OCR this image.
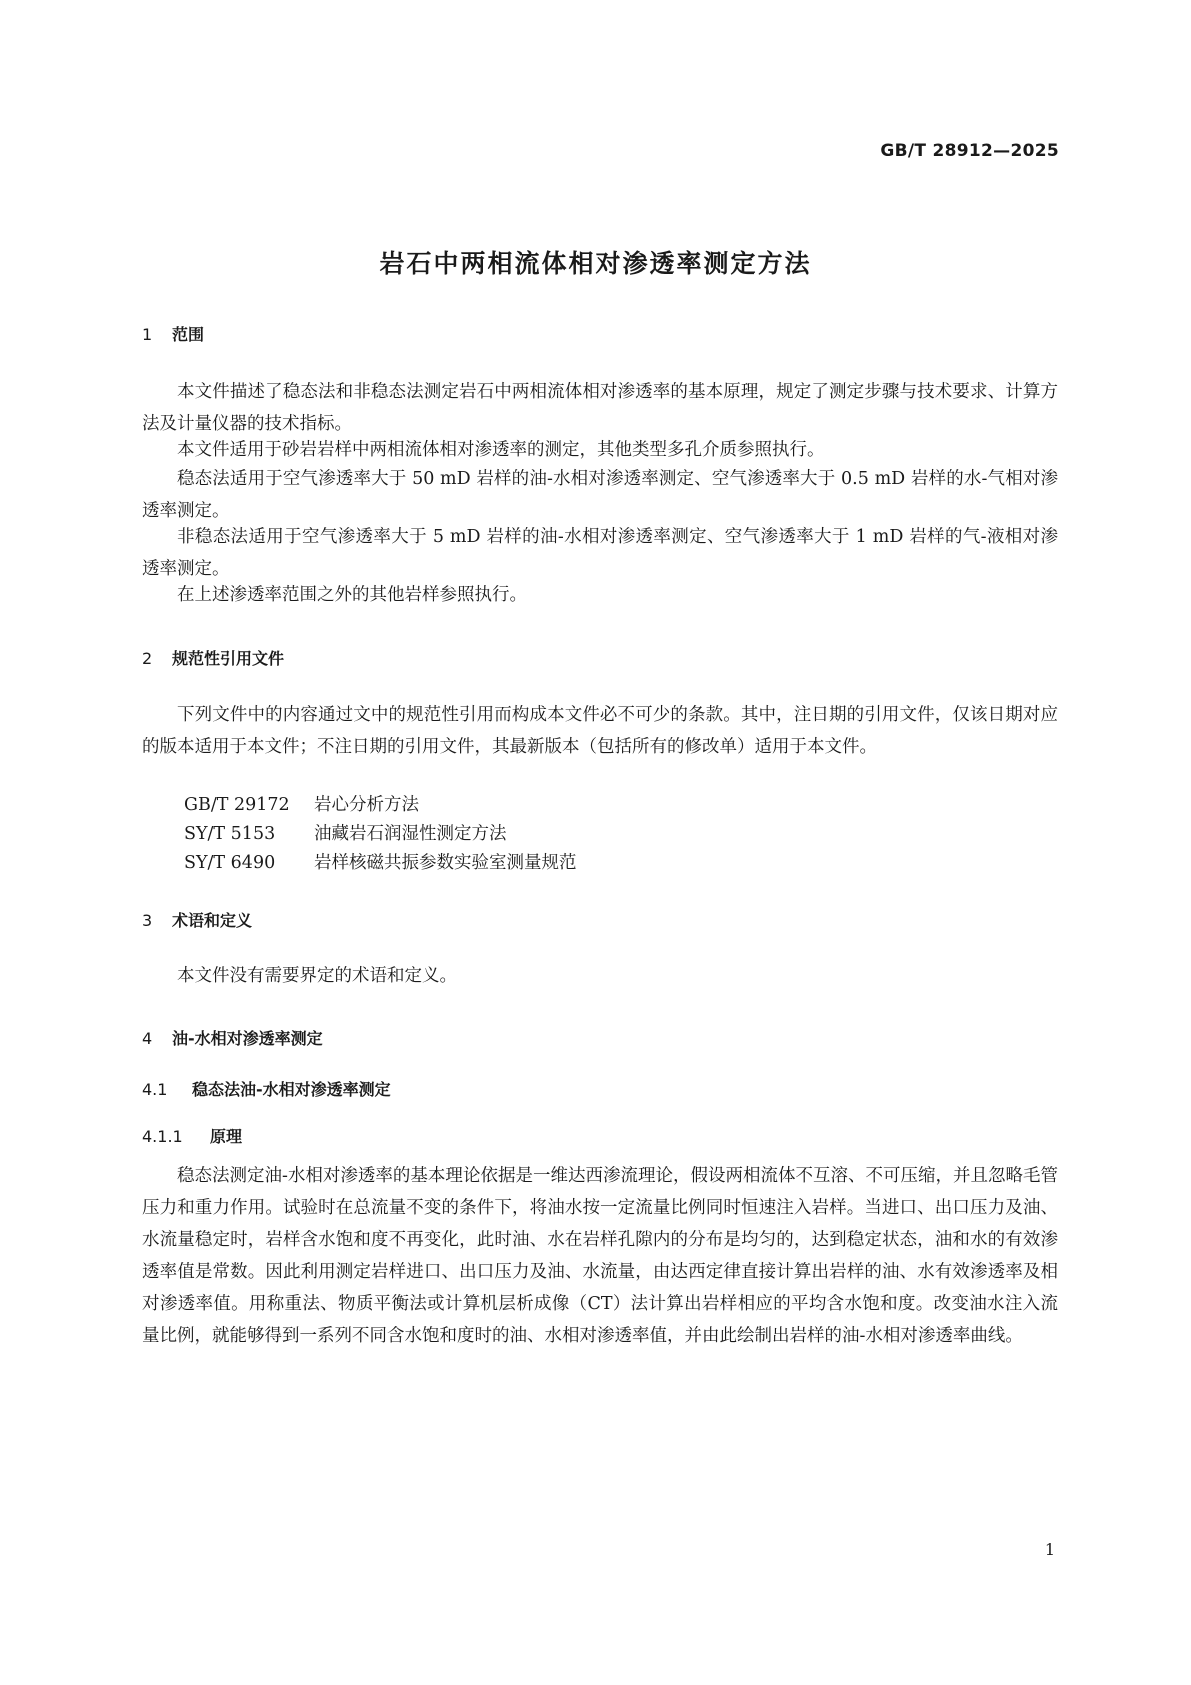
GB/T 28912—2025
岩石中两相流体相对渗透率测定方法
1 范围

本文件描述了稳态法和非稳态法测定岩石中两相流体相对渗透率的基本原理，规定了测定步骤与技术要求、计算方法及计量仪器的技术指标。

本文件适用于砂岩岩样中两相流体相对渗透率的测定，其他类型多孔介质参照执行。

稳态法适用于空气渗透率大于 50 mD 岩样的油-水相对渗透率测定、空气渗透率大于 0.5 mD 岩样的水-气相对渗透率测定。

非稳态法适用于空气渗透率大于 5 mD 岩样的油-水相对渗透率测定、空气渗透率大于 1 mD 岩样的气-液相对渗透率测定。

在上述渗透率范围之外的其他岩样参照执行。

2 规范性引用文件

下列文件中的内容通过文中的规范性引用而构成本文件必不可少的条款。其中，注日期的引用文件，仅该日期对应的版本适用于本文件；不注日期的引用文件，其最新版本（包括所有的修改单）适用于本文件。

GB/T 29172 岩心分析方法
SY/T 5153 油藏岩石润湿性测定方法
SY/T 6490 岩样核磁共振参数实验室测量规范
3 术语和定义

本文件没有需要界定的术语和定义。

4 油-水相对渗透率测定
4.1 稳态法油-水相对渗透率测定
4.1.1 原理

稳态法测定油-水相对渗透率的基本理论依据是一维达西渗流理论，假设两相流体不互溶、不可压缩，并且忽略毛管压力和重力作用。试验时在总流量不变的条件下，将油水按一定流量比例同时恒速注入岩样。当进口、出口压力及油、水流量稳定时，岩样含水饱和度不再变化，此时油、水在岩样孔隙内的分布是均匀的，达到稳定状态，油和水的有效渗透率值是常数。因此利用测定岩样进口、出口压力及油、水流量，由达西定律直接计算出岩样的油、水有效渗透率及相对渗透率值。用称重法、物质平衡法或计算机层析成像（CT）法计算出岩样相应的平均含水饱和度。改变油水注入流量比例，就能够得到一系列不同含水饱和度时的油、水相对渗透率值，并由此绘制出岩样的油-水相对渗透率曲线。

1
